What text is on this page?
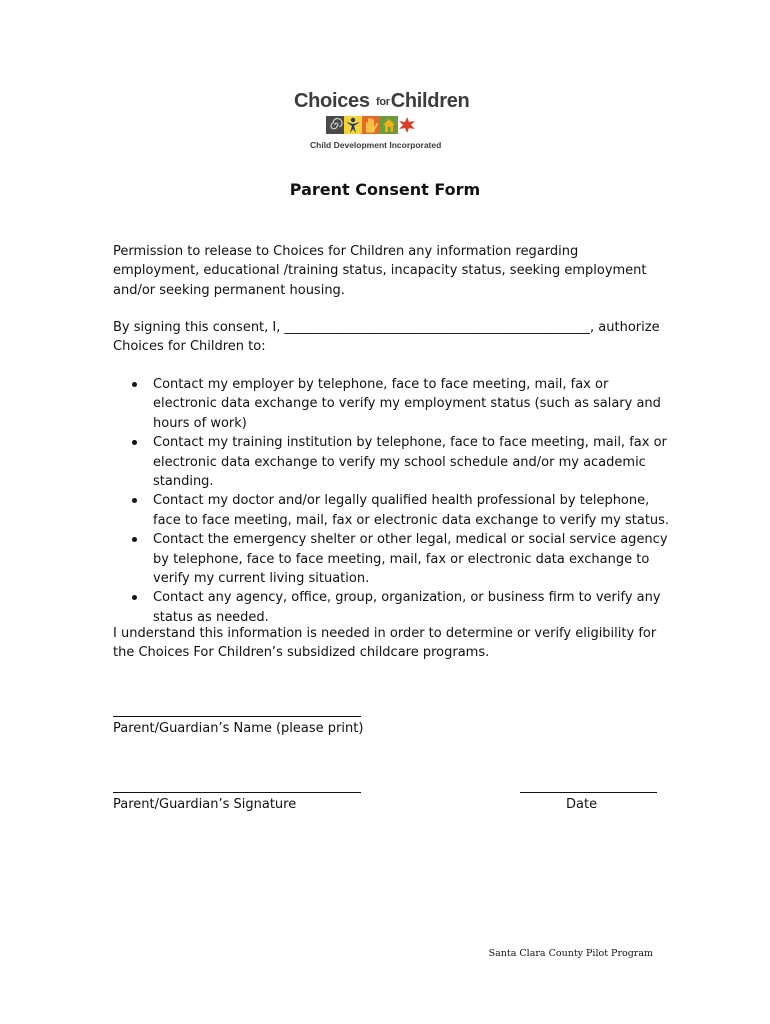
Choices forChildren
Child Development Incorporated
Parent Consent Form

Permission to release to Choices for Children any information regarding employment, educational /training status, incapacity status, seeking employment and/or seeking permanent housing.

By signing this consent, I, _______________________________________________, authorize Choices for Children to:

Contact my employer by telephone, face to face meeting, mail, fax or electronic data exchange to verify my employment status (such as salary and hours of work)
Contact my training institution by telephone, face to face meeting, mail, fax or electronic data exchange to verify my school schedule and/or my academic standing.
Contact my doctor and/or legally qualified health professional by telephone, face to face meeting, mail, fax or electronic data exchange to verify my status.
Contact the emergency shelter or other legal, medical or social service agency by telephone, face to face meeting, mail, fax or electronic data exchange to verify my current living situation.
Contact any agency, office, group, organization, or business firm to verify any status as needed.

I understand this information is needed in order to determine or verify eligibility for the Choices For Children’s subsidized childcare programs.

Parent/Guardian’s Name (please print)
Parent/Guardian’s Signature	Date
Santa Clara County Pilot Program
